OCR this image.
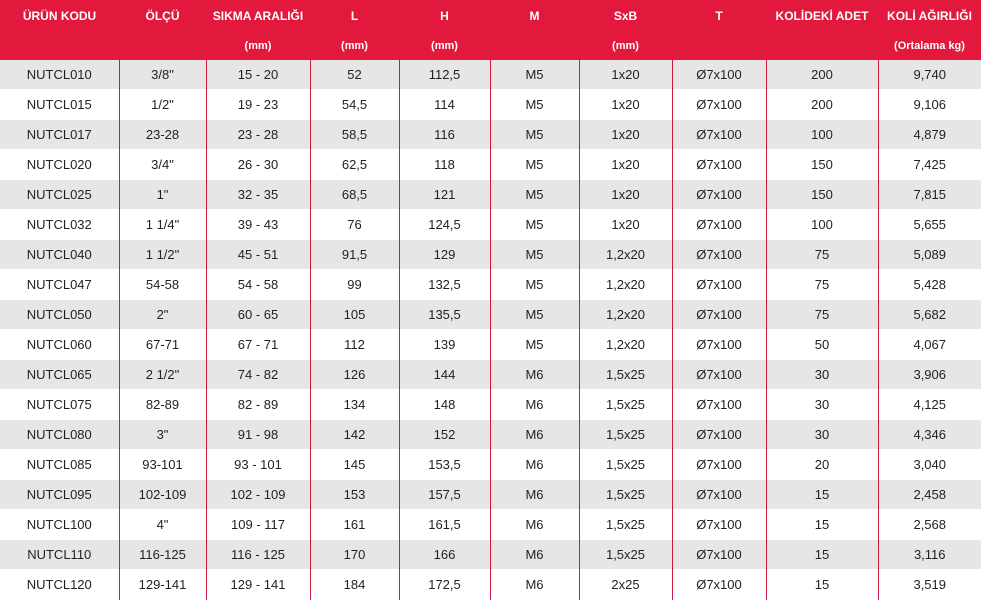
ÜRÜN KODU	ÖLÇÜ	SIKMA ARALIĞI	L	H	M	SxB	T	KOLİDEKİ ADET	KOLİ AĞIRLIĞI
		(mm)	(mm)	(mm)		(mm)			(Ortalama kg)
NUTCL010	3/8"	15 - 20	52	112,5	M5	1x20	Ø7x100	200	9,740
NUTCL015	1/2"	19 - 23	54,5	114	M5	1x20	Ø7x100	200	9,106
NUTCL017	23-28	23 - 28	58,5	116	M5	1x20	Ø7x100	100	4,879
NUTCL020	3/4"	26 - 30	62,5	118	M5	1x20	Ø7x100	150	7,425
NUTCL025	1"	32 - 35	68,5	121	M5	1x20	Ø7x100	150	7,815
NUTCL032	1 1/4"	39 - 43	76	124,5	M5	1x20	Ø7x100	100	5,655
NUTCL040	1 1/2"	45 - 51	91,5	129	M5	1,2x20	Ø7x100	75	5,089
NUTCL047	54-58	54 - 58	99	132,5	M5	1,2x20	Ø7x100	75	5,428
NUTCL050	2"	60 - 65	105	135,5	M5	1,2x20	Ø7x100	75	5,682
NUTCL060	67-71	67 - 71	112	139	M5	1,2x20	Ø7x100	50	4,067
NUTCL065	2 1/2"	74 - 82	126	144	M6	1,5x25	Ø7x100	30	3,906
NUTCL075	82-89	82 - 89	134	148	M6	1,5x25	Ø7x100	30	4,125
NUTCL080	3"	91 - 98	142	152	M6	1,5x25	Ø7x100	30	4,346
NUTCL085	93-101	93 - 101	145	153,5	M6	1,5x25	Ø7x100	20	3,040
NUTCL095	102-109	102 - 109	153	157,5	M6	1,5x25	Ø7x100	15	2,458
NUTCL100	4"	109 - 117	161	161,5	M6	1,5x25	Ø7x100	15	2,568
NUTCL110	116-125	116 - 125	170	166	M6	1,5x25	Ø7x100	15	3,116
NUTCL120	129-141	129 - 141	184	172,5	M6	2x25	Ø7x100	15	3,519
